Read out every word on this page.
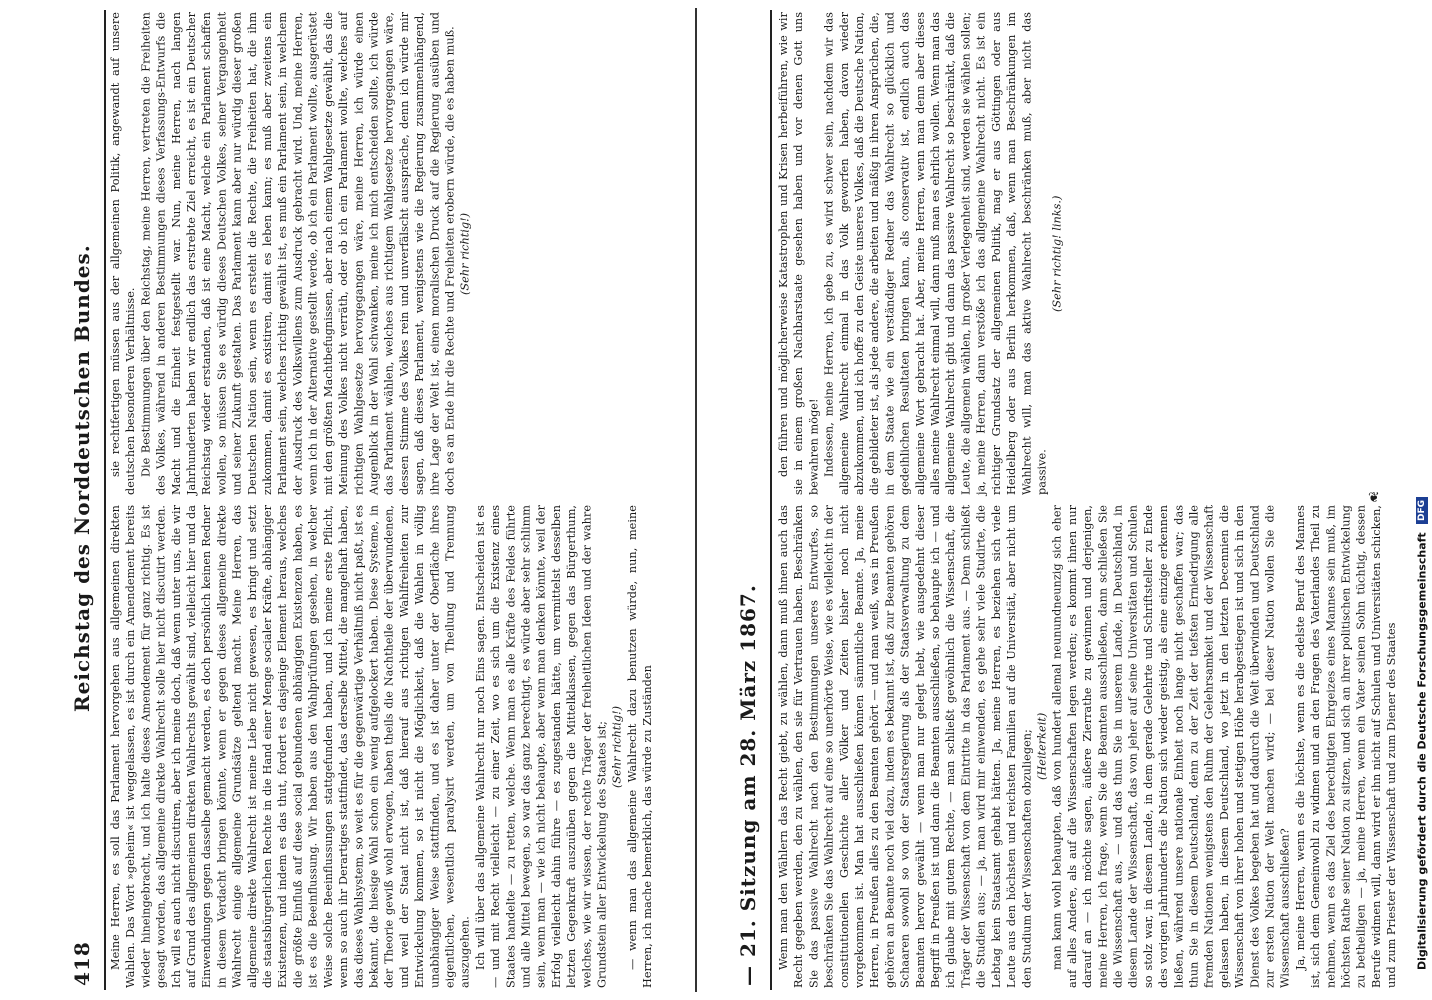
418
Reichstag des Norddeutschen Bundes. sie rechtfertigen müssen aus der allgemeinen Politik, angewandt auf unsere deutschen besonderen Verhältnisse. Die Bestimmungen über den Reichstag, meine Herren, vertreten die Freiheiten des Volkes, während in anderen Bestimmungen dieses Verfassungs-Entwurfs die Macht und die Einheit festgestellt war. Nun, meine Herren, nach langen Jahrhunderten haben wir endlich das erstrebte Ziel erreicht, es ist ein Deutscher Reichstag wieder erstanden, daß ist eine Macht, welche ein Parlament schaffen wollen, so müssen Sie es würdig dieses Deutschen Volkes, seiner Vergangenheit und seiner Zukunft gestalten. Das Parlament kann aber nur würdig dieser großen Deutschen Nation sein, wenn es ersteht die Rechte, die Freiheiten hat, die ihm zukommen, damit es existiren, damit es leben kann; es muß aber zweitens ein Parlament sein, welches richtig gewählt ist, es muß ein Parlament sein, in welchem der Ausdruck des Volkswillens zum Ausdruck gebracht wird. Und, meine Herren, wenn ich in der Alternative gestellt werde, ob ich ein Parlament wollte, ausgerüstet mit den größten Machtbefugnissen, aber nach einem Wahlgesetze gewählt, das die Meinung des Volkes nicht verräth, oder ob ich ein Parlament wollte, welches auf richtigen Wahlgesetze hervorgegangen wäre, meine Herren, ich würde einen Augenblick in der Wahl schwanken, meine ich mich entscheiden sollte, ich würde das Parlament wählen, welches aus richtigem Wahlgesetze hervorgegangen wäre, dessen Stimme des Volkes rein und unverfälscht ausspräche, denn ich würde mir sagen, daß dieses Parlament, wenigstens wie die Regierung zusammenhängend, ihre Lage der Welt ist, einen moralischen Druck auf die Regierung ausüben und doch es an Ende ihr die Rechte und Freiheiten erobern würde, die es haben muß. (Sehr richtig!)

Meine Herren, es soll das Parlament hervorgehen aus allgemeinen direkten Wahlen. Das Wort »geheim« ist weggelassen, es ist durch ein Amendement bereits wieder hineingebracht, und ich halte dieses Amendement für ganz richtig. Es ist gesagt worden, das allgemeine direkte Wahlrecht solle hier nicht discutirt werden. Ich will es auch nicht discutiren, aber ich meine doch, daß wenn unter uns, die wir auf Grund des allgemeinen direkten Wahlrechts gewählt sind, vielleicht hier und da Einwendungen gegen dasselbe gemacht werden, es doch persönlich keinen Redner in diesem Verdacht bringen könnte, wenn er gegen dieses allgemeine direkte Wahlrecht einige allgemeine Grundsätze geltend macht. Meine Herren, das allgemeine direkte Wahlrecht ist meine Liebe nicht gewesen, es bringt und setzt die staatsbürgerlichen Rechte in die Hand einer Menge socialer Kräfte, abhängiger Existenzen, und indem es das thut, fordert es dasjenige Element heraus, welches die größte Einfluß auf diese social gebundenen abhängigen Existenzen haben, es ist es die Beeinflussung. Wir haben aus den Wahlprüfungen gesehen, in welcher Weise solche Beeinflussungen stattgefunden haben, und ich meine erste Pflicht, wenn so auch ihr Derartiges stattfindet, das derselbe Mittel, die mangelhaft haben, das dieses Wahlsystem, so weit es für die gegenwärtige Verhältniß nicht paßt, ist es bekannt, die hiesige Wahl schon ein wenig aufgelockert haben. Diese Systeme, in der Theorie gewiß wohl erwogen, haben theils die Nachtheile der überwundenen, und weil der Staat nicht ist, daß hierauf aus richtigen Wahlfreiheiten zur Entwickelung kommen, so ist nicht die Möglichkeit, daß die Wahlen in völlig unabhängiger Weise stattfinden, und es ist daher unter der Oberfläche ihres eigentlichen, wesentlich paralysirt werden, um von Theilung und Trennung auszugehen. Ich will über das allgemeine Wahlrecht nur noch Eins sagen. Entscheiden ist es — und mit Recht vielleicht — zu einer Zeit, wo es sich um die Existenz eines Staates handelte — zu retten, welche. Wenn man es alle Kräfte des Feldes führte und alle Mittel bewegen, so war das ganz berechtigt, es würde aber sehr schlimm sein, wenn man — wie ich nicht behaupte, aber wenn man denken könnte, weil der Erfolg vielleicht dahin führe — es zugestanden hätte, um vermittelst desselben letzten Gegenkraft auszuüben gegen die Mittelklassen, gegen das Bürgerthum, welches, wie wir wissen, der rechte Träger der freiheitlichen Ideen und der wahre Grundstein aller Entwickelung des Staates ist; (Sehr richtig!) — wenn man das allgemeine Wahlrecht dazu benutzen würde, nun, meine Herren, ich mache bemerklich, das würde zu Zuständen	— 21. Sitzung am 28. März 1867.

den führen und möglicherweise Katastrophen und Krisen herbeiführen, wie wir sie in einem großen Nachbarstaate gesehen haben und vor denen Gott uns bewahren möge! Indessen, meine Herren, ich gebe zu, es wird schwer sein, nachdem wir das allgemeine Wahlrecht einmal in das Volk geworfen haben, davon wieder abzukommen, und ich hoffe zu den Geiste unseres Volkes, daß die Deutsche Nation, die gebildeter ist, als jede andere, die arbeiten und mäßig in ihren Ansprüchen, die, in dem Staate wie ein verständiger Redner das Wahlrecht so glücklich und gedeihlichen Resultaten bringen kann, als conservativ ist, endlich auch das allgemeine Wort gebracht hat. Aber, meine Herren, wenn man denn aber dieses alles meine Wahlrecht einmal will, dann muß man es ehrlich wollen. Wenn man das allgemeine Wahlrecht gibt und dann das passive Wahlrecht so beschränkt, daß die Leute, die allgemein wählen, in großer Verlegenheit sind, werden sie wählen sollen; ja, meine Herren, dann verstöße ich das allgemeine Wahlrecht nicht. Es ist ein richtiger Grundsatz der allgemeinen Politik, mag er aus Göttingen oder aus Heidelberg oder aus Berlin herkommen, daß, wenn man Beschränkungen im Wahlrecht will, man das aktive Wahlrecht beschränken muß, aber nicht das passive.

(Sehr richtig! links.)

Wenn man den Wählern das Recht giebt, zu wählen, dann muß ihnen auch das Recht gegeben werden, den zu wählen, den sie für Vertrauen haben. Beschränken Sie das passive Wahlrecht nach den Bestimmungen unseres Entwurfes, so beschränken Sie das Wahlrecht auf eine so unerhörte Weise, wie es vielleicht in der constitutionellen Geschichte aller Völker und Zeiten bisher noch nicht vorgekommen ist. Man hat ausschließen können sämmtliche Beamte. Ja, meine Herren, in Preußen alles zu den Beamten gehört — und man weiß, was in Preußen gehören an Beamte noch viel dazu, indem es bekannt ist, daß zur Beamten gehören Schaaren sowohl so von der Staatsregierung als der Staatsverwaltung zu dem Beamten hervor gewählt — wenn man nur gelegt hebt, wie ausgedehnt dieser Begriff in Preußen ist und dann die Beamten ausschließen, so behaupte ich — und ich glaube mit gutem Rechte, — man schließt gewöhnlich die Wissenschaft, die Träger der Wissenschaft von dem Eintritte in das Parlament aus. — Denn schließt die Studien aus; — ja, man wird mir einwenden, es gehe sehr viele Studirte, die Lebtag kein Staatsamt gehabt hätten. Ja, meine Herren, es beziehen sich viele Leute aus den höchsten und reichsten Familien auf die Universität, aber nicht um den Studium der Wissenschaften obzuliegen; (Heiterkeit) man kann wohl behaupten, daß von hundert allemal neunundneunzig sich eher auf alles Andere, als auf die Wissenschaften legen werden; es kommt ihnen nur darauf an — ich möchte sagen, äußere Zierrathe zu gewinnen und derjenigen, meine Herren, ich frage, wenn Sie die Beamten ausschließen, dann schließen Sie die Wissenschaft aus, — und das thun Sie in unserem Lande, in Deutschland, in diesem Lande der Wissenschaft, das von jeher auf seine Universitäten und Schulen so stolz war, in diesem Lande, in dem gerade Gelehrte und Schriftsteller zu Ende des vorigen Jahrhunderts die Nation sich wieder geistig, als eine einzige erkennen ließen, während unsere nationale Einheit noch lange nicht geschaffen war; das thun Sie in diesem Deutschland, denn zu der Zeit der tiefsten Erniedrigung alle fremden Nationen wenigstens den Ruhm der Gelehrsamkeit und der Wissenschaft gelassen haben, in diesem Deutschland, wo jetzt in den letzten Decennien die Wissenschaft von ihrer hohen und stetigen Höhe herabgestiegen ist und sich in den Dienst des Volkes begeben hat und dadurch die Welt überwinden und Deutschland zur ersten Nation der Welt machen wird; — bei dieser Nation wollen Sie die Wissenschaft ausschließen? Ja, meine Herren, wenn es die höchste, wenn es die edelste Beruf des Mannes ist, sich dem Gemeinwohl zu widmen und an den Fragen des Vaterlandes Theil zu nehmen, wenn es das Ziel des berechtigten Ehrgeizes eines Mannes sein muß, im höchsten Rathe seiner Nation zu sitzen, und sich an ihrer politischen Entwickelung zu betheiligen — ja, meine Herren, wenn ein Vater seinen Sohn tüchtig, dessen Berufe widmen will, dann wird er ihn nicht auf Schulen und Universitäten schicken, und zum Priester der Wissenschaft und zum Diener des Staates

❦
Digitalisierung gefördert durch die Deutsche Forschungsgemeinschaft
DFG
